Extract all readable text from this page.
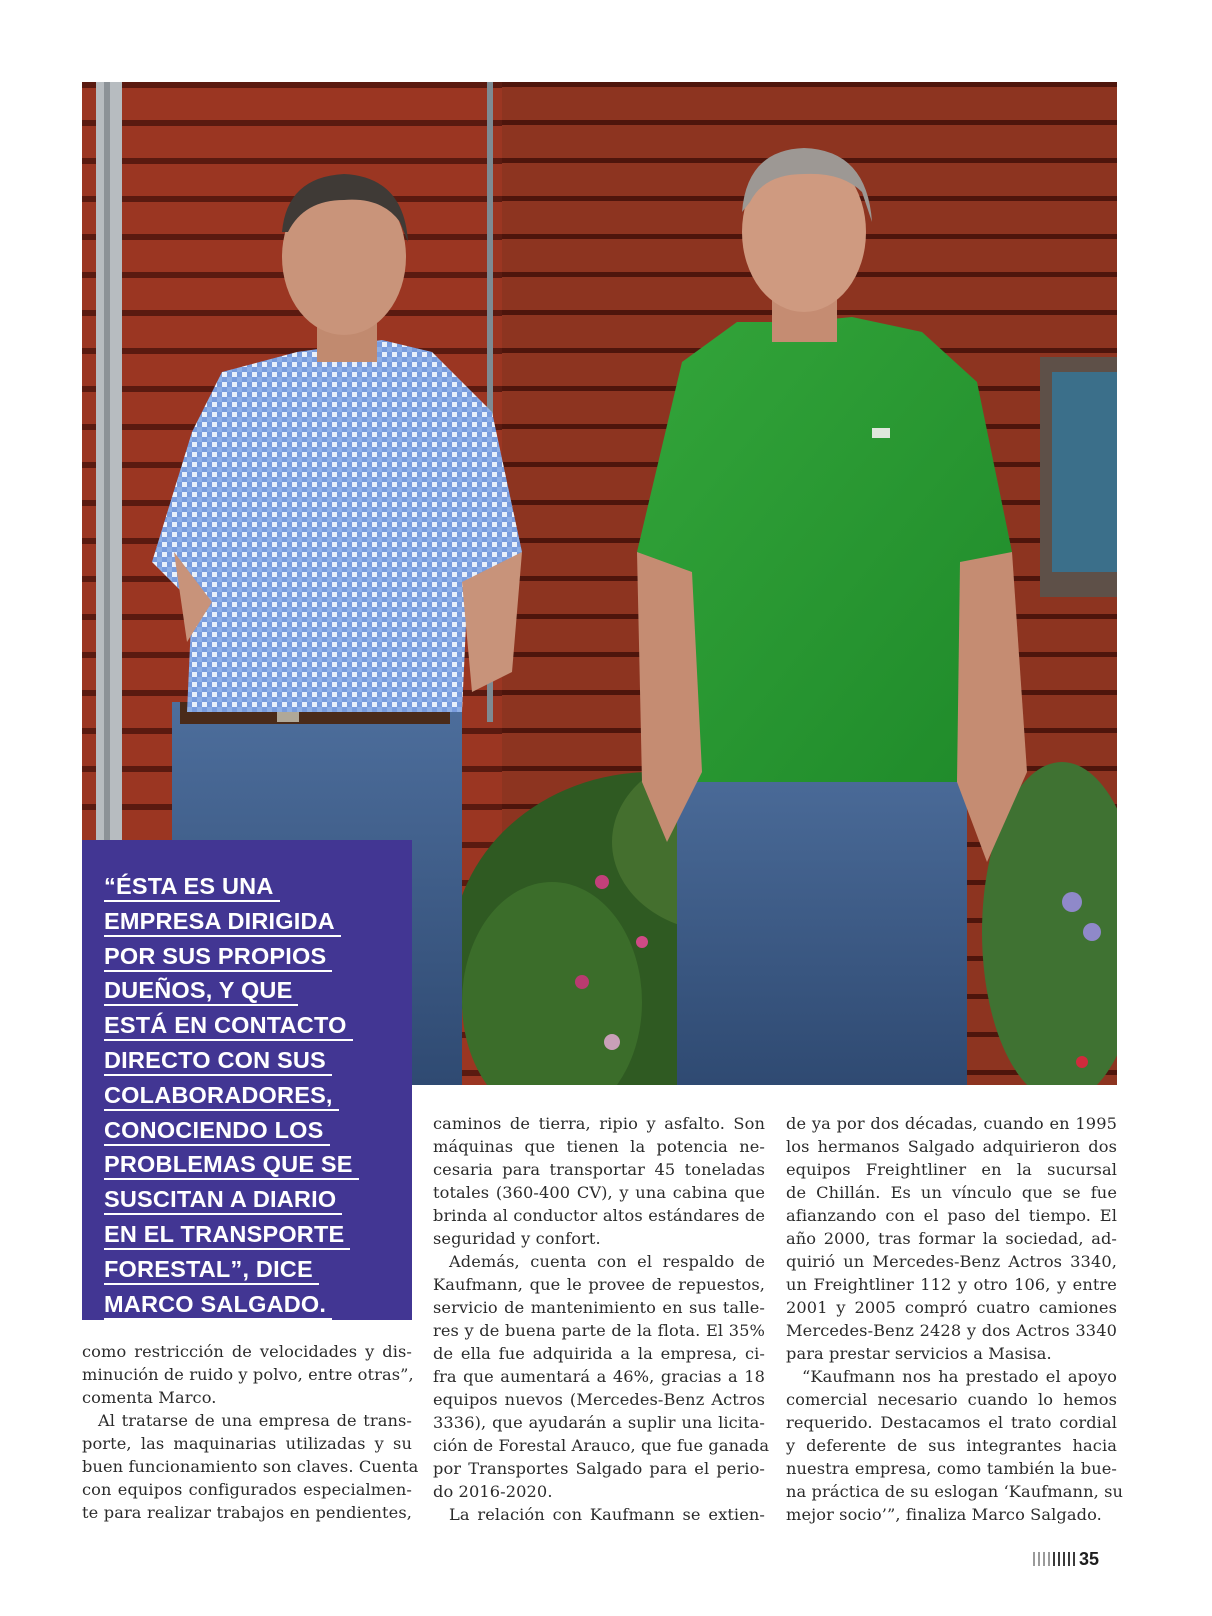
“ÉSTA ES UNA
EMPRESA DIRIGIDA
POR SUS PROPIOS
DUEÑOS, Y QUE
ESTÁ EN CONTACTO
DIRECTO CON SUS
COLABORADORES,
CONOCIENDO LOS
PROBLEMAS QUE SE
SUSCITAN A DIARIO
EN EL TRANSPORTE
FORESTAL”, DICE
MARCO SALGADO.

como restricción de velocidades y dis-
minución de ruido y polvo, entre otras”,
comenta Marco.

Al tratarse de una empresa de trans-
porte, las maquinarias utilizadas y su
buen funcionamiento son claves. Cuenta
con equipos configurados especialmen-
te para realizar trabajos en pendientes,

caminos de tierra, ripio y asfalto. Son
máquinas que tienen la potencia ne-
cesaria para transportar 45 toneladas
totales (360-400 CV), y una cabina que
brinda al conductor altos estándares de
seguridad y confort.

Además, cuenta con el respaldo de
Kaufmann, que le provee de repuestos,
servicio de mantenimiento en sus talle-
res y de buena parte de la flota. El 35%
de ella fue adquirida a la empresa, ci-
fra que aumentará a 46%, gracias a 18
equipos nuevos (Mercedes-Benz Actros
3336), que ayudarán a suplir una licita-
ción de Forestal Arauco, que fue ganada
por Transportes Salgado para el perio-
do 2016-2020.

La relación con Kaufmann se extien-

de ya por dos décadas, cuando en 1995
los hermanos Salgado adquirieron dos
equipos Freightliner en la sucursal
de Chillán. Es un vínculo que se fue
afianzando con el paso del tiempo. El
año 2000, tras formar la sociedad, ad-
quirió un Mercedes-Benz Actros 3340,
un Freightliner 112 y otro 106, y entre
2001 y 2005 compró cuatro camiones
Mercedes-Benz 2428 y dos Actros 3340
para prestar servicios a Masisa.

“Kaufmann nos ha prestado el apoyo
comercial necesario cuando lo hemos
requerido. Destacamos el trato cordial
y deferente de sus integrantes hacia
nuestra empresa, como también la bue-
na práctica de su eslogan ‘Kaufmann, su
mejor socio’”, finaliza Marco Salgado.

35
